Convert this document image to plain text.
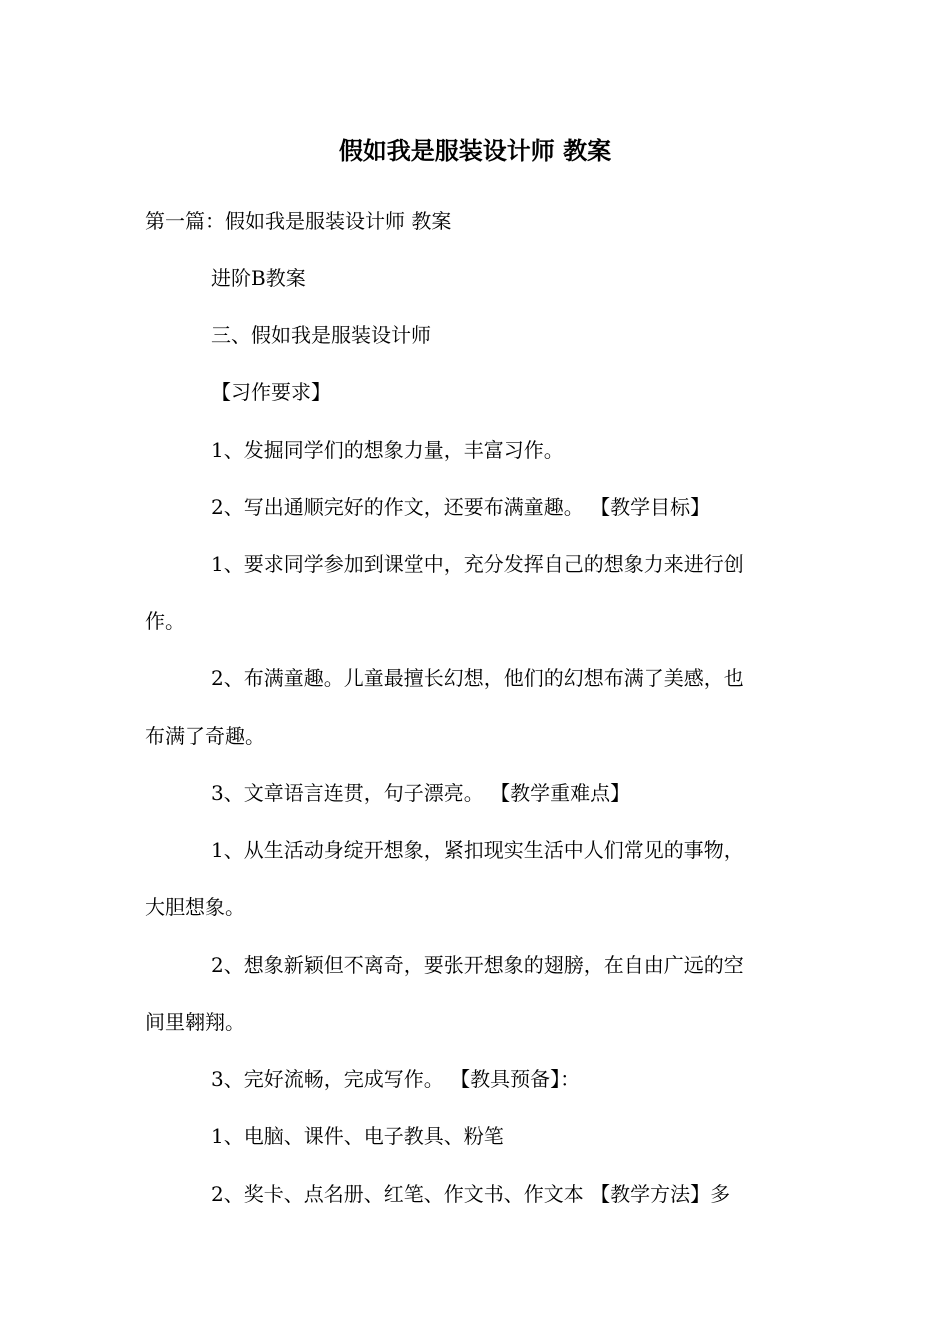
假如我是服装设计师 教案

第一篇：假如我是服装设计师 教案

进阶B教案

三、假如我是服装设计师

【习作要求】

1、发掘同学们的想象力量，丰富习作。

2、写出通顺完好的作文，还要布满童趣。 【教学目标】

1、要求同学参加到课堂中，充分发挥自己的想象力来进行创

作。

2、布满童趣。儿童最擅长幻想，他们的幻想布满了美感，也

布满了奇趣。

3、文章语言连贯，句子漂亮。 【教学重难点】

1、从生活动身绽开想象，紧扣现实生活中人们常见的事物，

大胆想象。

2、想象新颖但不离奇，要张开想象的翅膀，在自由广远的空

间里翱翔。

3、完好流畅，完成写作。 【教具预备】：

1、电脑、课件、电子教具、粉笔

2、奖卡、点名册、红笔、作文书、作文本 【教学方法】多
